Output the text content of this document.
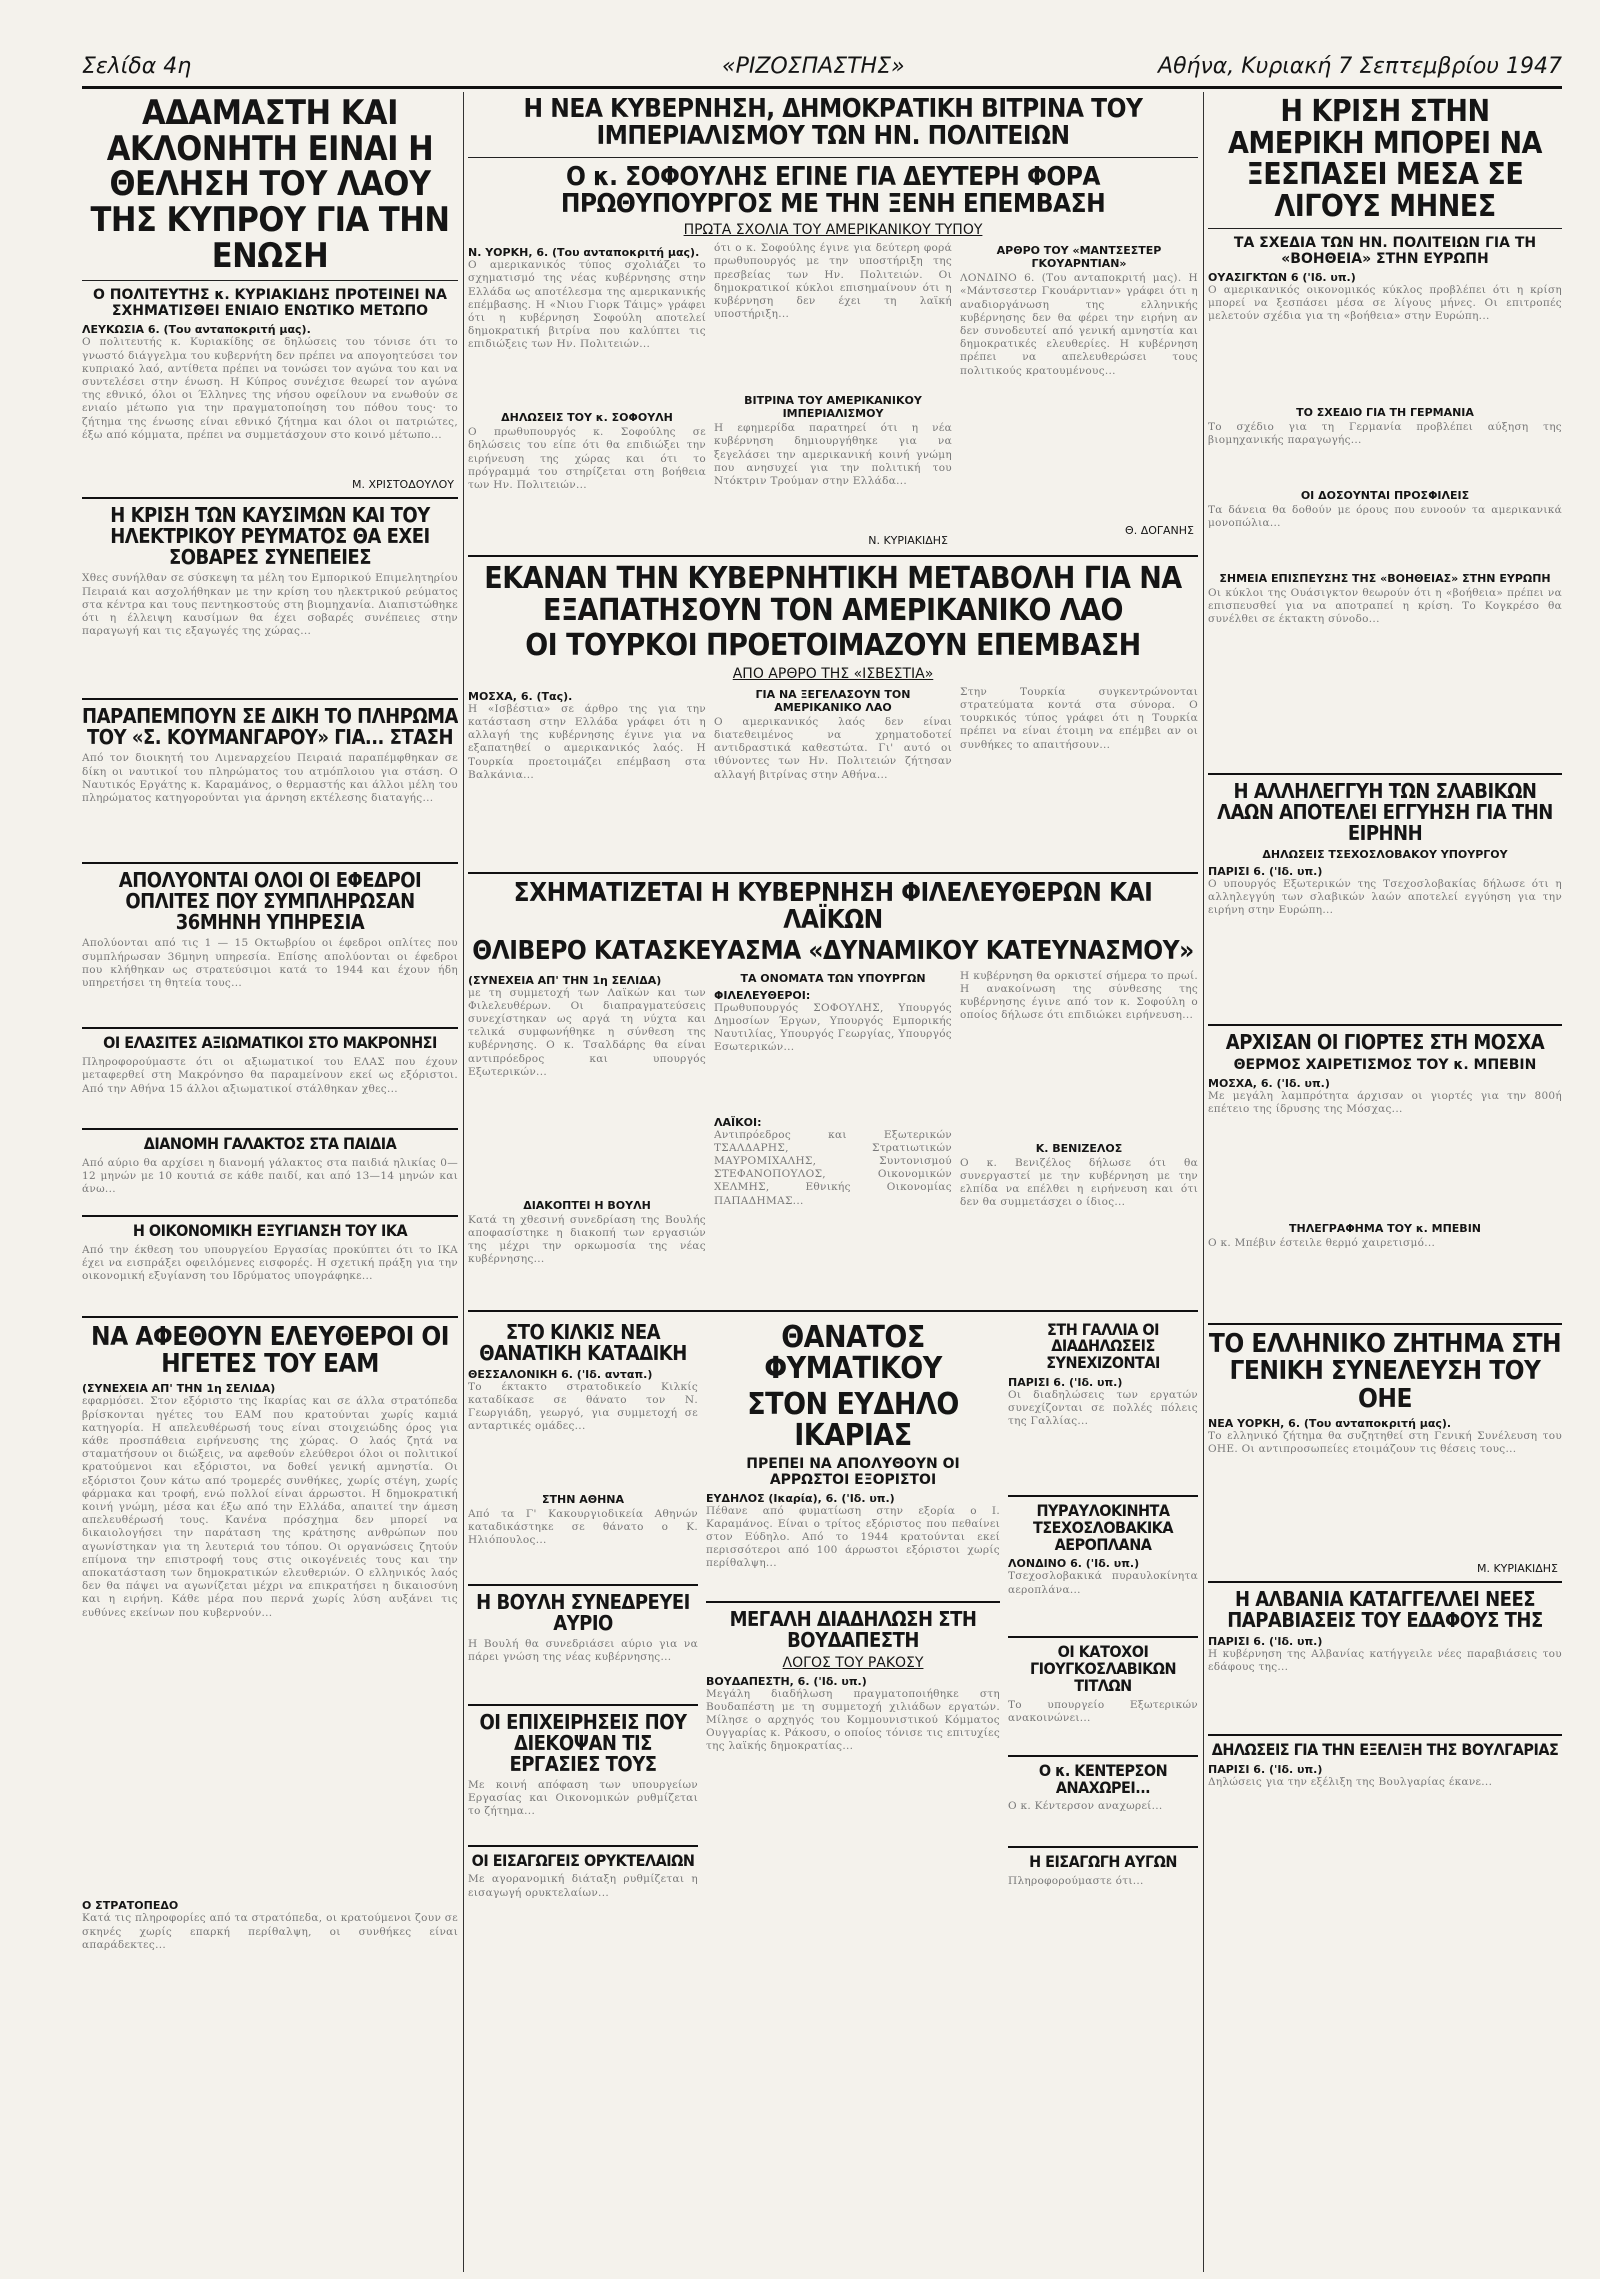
Σελίδα 4η	«ΡΙΖΟΣΠΑΣΤΗΣ»	Αθήνα, Κυριακή 7 Σεπτεμβρίου 1947
ΑΔΑΜΑΣΤΗ ΚΑΙ ΑΚΛΟΝΗΤΗ ΕΙΝΑΙ Η ΘΕΛΗΣΗ ΤΟΥ ΛΑΟΥ ΤΗΣ ΚΥΠΡΟΥ ΓΙΑ ΤΗΝ ΕΝΩΣΗ
Ο ΠΟΛΙΤΕΥΤΗΣ κ. ΚΥΡΙΑΚΙΔΗΣ ΠΡΟΤΕΙΝΕΙ ΝΑ ΣΧΗΜΑΤΙΣΘΕΙ ΕΝΙΑΙΟ ΕΝΩΤΙΚΟ ΜΕΤΩΠΟ
ΛΕΥΚΩΣΙΑ 6. (Του ανταποκριτή μας).
Ο πολιτευτής κ. Κυριακίδης σε δηλώσεις του τόνισε ότι το γνωστό διάγγελμα του κυβερνήτη δεν πρέπει να απογοητεύσει τον κυπριακό λαό, αντίθετα πρέπει να τονώσει τον αγώνα του και να συντελέσει στην ένωση. Η Κύπρος συνέχισε θεωρεί τον αγώνα της εθνικό, όλοι οι Έλληνες της νήσου οφείλουν να ενωθούν σε ενιαίο μέτωπο για την πραγματοποίηση του πόθου τους· το ζήτημα της ένωσης είναι εθνικό ζήτημα και όλοι οι πατριώτες, έξω από κόμματα, πρέπει να συμμετάσχουν στο κοινό μέτωπο...
Μ. ΧΡΙΣΤΟΔΟΥΛΟΥ
Η ΚΡΙΣΗ ΤΩΝ ΚΑΥΣΙΜΩΝ ΚΑΙ ΤΟΥ ΗΛΕΚΤΡΙΚΟΥ ΡΕΥΜΑΤΟΣ ΘΑ ΕΧΕΙ ΣΟΒΑΡΕΣ ΣΥΝΕΠΕΙΕΣ
Χθες συνήλθαν σε σύσκεψη τα μέλη του Εμπορικού Επιμελητηρίου Πειραιά και ασχολήθηκαν με την κρίση του ηλεκτρικού ρεύματος στα κέντρα και τους πεντηκοστούς στη βιομηχανία. Διαπιστώθηκε ότι η έλλειψη καυσίμων θα έχει σοβαρές συνέπειες στην παραγωγή και τις εξαγωγές της χώρας...
ΠΑΡΑΠΕΜΠΟΥΝ ΣΕ ΔΙΚΗ ΤΟ ΠΛΗΡΩΜΑ ΤΟΥ «Σ. ΚΟΥΜΑΝΓΑΡΟΥ» ΓΙΑ... ΣΤΑΣΗ
Από τον διοικητή του Λιμεναρχείου Πειραιά παραπέμφθηκαν σε δίκη οι ναυτικοί του πληρώματος του ατμόπλοιου για στάση. Ο Ναυτικός Εργάτης κ. Καραμάνος, ο θερμαστής και άλλοι μέλη του πληρώματος κατηγορούνται για άρνηση εκτέλεσης διαταγής...
ΑΠΟΛΥΟΝΤΑΙ ΟΛΟΙ ΟΙ ΕΦΕΔΡΟΙ ΟΠΛΙΤΕΣ ΠΟΥ ΣΥΜΠΛΗΡΩΣΑΝ 36ΜΗΝΗ ΥΠΗΡΕΣΙΑ
Απολύονται από τις 1 — 15 Οκτωβρίου οι έφεδροι οπλίτες που συμπλήρωσαν 36μηνη υπηρεσία. Επίσης απολύονται οι έφεδροι που κλήθηκαν ως στρατεύσιμοι κατά το 1944 και έχουν ήδη υπηρετήσει τη θητεία τους...
ΟΙ ΕΛΑΣΙΤΕΣ ΑΞΙΩΜΑΤΙΚΟΙ ΣΤΟ ΜΑΚΡΟΝΗΣΙ
Πληροφορούμαστε ότι οι αξιωματικοί του ΕΛΑΣ που έχουν μεταφερθεί στη Μακρόνησο θα παραμείνουν εκεί ως εξόριστοι. Από την Αθήνα 15 άλλοι αξιωματικοί στάλθηκαν χθες...
ΔΙΑΝΟΜΗ ΓΑΛΑΚΤΟΣ ΣΤΑ ΠΑΙΔΙΑ
Από αύριο θα αρχίσει η διανομή γάλακτος στα παιδιά ηλικίας 0—12 μηνών με 10 κουτιά σε κάθε παιδί, και από 13—14 μηνών και άνω...
Η ΟΙΚΟΝΟΜΙΚΗ ΕΞΥΓΙΑΝΣΗ ΤΟΥ ΙΚΑ
Από την έκθεση του υπουργείου Εργασίας προκύπτει ότι το ΙΚΑ έχει να εισπράξει οφειλόμενες εισφορές. Η σχετική πράξη για την οικονομική εξυγίανση του Ιδρύματος υπογράφηκε...
ΝΑ ΑΦΕΘΟΥΝ ΕΛΕΥΘΕΡΟΙ ΟΙ ΗΓΕΤΕΣ ΤΟΥ ΕΑΜ
(ΣΥΝΕΧΕΙΑ ΑΠ' ΤΗΝ 1η ΣΕΛΙΔΑ)
εφαρμόσει. Στον εξόριστο της Ικαρίας και σε άλλα στρατόπεδα βρίσκονται ηγέτες του ΕΑΜ που κρατούνται χωρίς καμιά κατηγορία. Η απελευθέρωσή τους είναι στοιχειώδης όρος για κάθε προσπάθεια ειρήνευσης της χώρας. Ο λαός ζητά να σταματήσουν οι διώξεις, να αφεθούν ελεύθεροι όλοι οι πολιτικοί κρατούμενοι και εξόριστοι, να δοθεί γενική αμνηστία. Οι εξόριστοι ζουν κάτω από τρομερές συνθήκες, χωρίς στέγη, χωρίς φάρμακα και τροφή, ενώ πολλοί είναι άρρωστοι. Η δημοκρατική κοινή γνώμη, μέσα και έξω από την Ελλάδα, απαιτεί την άμεση απελευθέρωσή τους. Κανένα πρόσχημα δεν μπορεί να δικαιολογήσει την παράταση της κράτησης ανθρώπων που αγωνίστηκαν για τη λευτεριά του τόπου. Οι οργανώσεις ζητούν επίμονα την επιστροφή τους στις οικογένειές τους και την αποκατάσταση των δημοκρατικών ελευθεριών. Ο ελληνικός λαός δεν θα πάψει να αγωνίζεται μέχρι να επικρατήσει η δικαιοσύνη και η ειρήνη. Κάθε μέρα που περνά χωρίς λύση αυξάνει τις ευθύνες εκείνων που κυβερνούν...
Ο ΣΤΡΑΤΟΠΕΔΟ
Κατά τις πληροφορίες από τα στρατόπεδα, οι κρατούμενοι ζουν σε σκηνές χωρίς επαρκή περίθαλψη, οι συνθήκες είναι απαράδεκτες...
Η ΝΕΑ ΚΥΒΕΡΝΗΣΗ, ΔΗΜΟΚΡΑΤΙΚΗ ΒΙΤΡΙΝΑ ΤΟΥ ΙΜΠΕΡΙΑΛΙΣΜΟΥ ΤΩΝ ΗΝ. ΠΟΛΙΤΕΙΩΝ
Ο κ. ΣΟΦΟΥΛΗΣ ΕΓΙΝΕ ΓΙΑ ΔΕΥΤΕΡΗ ΦΟΡΑ ΠΡΩΘΥΠΟΥΡΓΟΣ ΜΕ ΤΗΝ ΞΕΝΗ ΕΠΕΜΒΑΣΗ
ΠΡΩΤΑ ΣΧΟΛΙΑ ΤΟΥ ΑΜΕΡΙΚΑΝΙΚΟΥ ΤΥΠΟΥ
Ν. ΥΟΡΚΗ, 6. (Του ανταποκριτή μας).
Ο αμερικανικός τύπος σχολιάζει το σχηματισμό της νέας κυβέρνησης στην Ελλάδα ως αποτέλεσμα της αμερικανικής επέμβασης. Η «Νιου Γιορκ Τάιμς» γράφει ότι η κυβέρνηση Σοφούλη αποτελεί δημοκρατική βιτρίνα που καλύπτει τις επιδιώξεις των Ην. Πολιτειών...
ΔΗΛΩΣΕΙΣ ΤΟΥ κ. ΣΟΦΟΥΛΗ
Ο πρωθυπουργός κ. Σοφούλης σε δηλώσεις του είπε ότι θα επιδιώξει την ειρήνευση της χώρας και ότι το πρόγραμμά του στηρίζεται στη βοήθεια των Ην. Πολιτειών...
ότι ο κ. Σοφούλης έγινε για δεύτερη φορά πρωθυπουργός με την υποστήριξη της πρεσβείας των Ην. Πολιτειών. Οι δημοκρατικοί κύκλοι επισημαίνουν ότι η κυβέρνηση δεν έχει τη λαϊκή υποστήριξη...
ΒΙΤΡΙΝΑ ΤΟΥ ΑΜΕΡΙΚΑΝΙΚΟΥ ΙΜΠΕΡΙΑΛΙΣΜΟΥ
Η εφημερίδα παρατηρεί ότι η νέα κυβέρνηση δημιουργήθηκε για να ξεγελάσει την αμερικανική κοινή γνώμη που ανησυχεί για την πολιτική του Ντόκτριν Τρούμαν στην Ελλάδα...
Ν. ΚΥΡΙΑΚΙΔΗΣ
ΑΡΘΡΟ ΤΟΥ «ΜΑΝΤΣΕΣΤΕΡ ΓΚΟΥΑΡΝΤΙΑΝ»
ΛΟΝΔΙΝΟ 6. (Του ανταποκριτή μας). Η «Μάντσεστερ Γκουάρντιαν» γράφει ότι η αναδιοργάνωση της ελληνικής κυβέρνησης δεν θα φέρει την ειρήνη αν δεν συνοδευτεί από γενική αμνηστία και δημοκρατικές ελευθερίες. Η κυβέρνηση πρέπει να απελευθερώσει τους πολιτικούς κρατουμένους...
Θ. ΔΟΓΑΝΗΣ
ΕΚΑΝΑΝ ΤΗΝ ΚΥΒΕΡΝΗΤΙΚΗ ΜΕΤΑΒΟΛΗ ΓΙΑ ΝΑ ΕΞΑΠΑΤΗΣΟΥΝ ΤΟΝ ΑΜΕΡΙΚΑΝΙΚΟ ΛΑΟ
ΟΙ ΤΟΥΡΚΟΙ ΠΡΟΕΤΟΙΜΑΖΟΥΝ ΕΠΕΜΒΑΣΗ
ΑΠΟ ΑΡΘΡΟ ΤΗΣ «ΙΣΒΕΣΤΙΑ»
ΜΟΣΧΑ, 6. (Τας).
Η «Ισβέστια» σε άρθρο της για την κατάσταση στην Ελλάδα γράφει ότι η αλλαγή της κυβέρνησης έγινε για να εξαπατηθεί ο αμερικανικός λαός. Η Τουρκία προετοιμάζει επέμβαση στα Βαλκάνια...
ΓΙΑ ΝΑ ΞΕΓΕΛΑΣΟΥΝ ΤΟΝ ΑΜΕΡΙΚΑΝΙΚΟ ΛΑΟ
Ο αμερικανικός λαός δεν είναι διατεθειμένος να χρηματοδοτεί αντιδραστικά καθεστώτα. Γι' αυτό οι ιθύνοντες των Ην. Πολιτειών ζήτησαν αλλαγή βιτρίνας στην Αθήνα...
Στην Τουρκία συγκεντρώνονται στρατεύματα κοντά στα σύνορα. Ο τουρκικός τύπος γράφει ότι η Τουρκία πρέπει να είναι έτοιμη να επέμβει αν οι συνθήκες το απαιτήσουν...
ΣΧΗΜΑΤΙΖΕΤΑΙ Η ΚΥΒΕΡΝΗΣΗ ΦΙΛΕΛΕΥΘΕΡΩΝ ΚΑΙ ΛΑΪΚΩΝ
ΘΛΙΒΕΡΟ ΚΑΤΑΣΚΕΥΑΣΜΑ «ΔΥΝΑΜΙΚΟΥ ΚΑΤΕΥΝΑΣΜΟΥ»
(ΣΥΝΕΧΕΙΑ ΑΠ' ΤΗΝ 1η ΣΕΛΙΔΑ)
με τη συμμετοχή των Λαϊκών και των Φιλελευθέρων. Οι διαπραγματεύσεις συνεχίστηκαν ως αργά τη νύχτα και τελικά συμφωνήθηκε η σύνθεση της κυβέρνησης. Ο κ. Τσαλδάρης θα είναι αντιπρόεδρος και υπουργός Εξωτερικών...
ΔΙΑΚΟΠΤΕΙ Η ΒΟΥΛΗ
Κατά τη χθεσινή συνεδρίαση της Βουλής αποφασίστηκε η διακοπή των εργασιών της μέχρι την ορκωμοσία της νέας κυβέρνησης...
ΤΑ ΟΝΟΜΑΤΑ ΤΩΝ ΥΠΟΥΡΓΩΝ
ΦΙΛΕΛΕΥΘΕΡΟΙ:
Πρωθυπουργός ΣΟΦΟΥΛΗΣ, Υπουργός Δημοσίων Έργων, Υπουργός Εμπορικής Ναυτιλίας, Υπουργός Γεωργίας, Υπουργός Εσωτερικών...
ΛΑΪΚΟΙ:
Αντιπρόεδρος και Εξωτερικών ΤΣΑΛΔΑΡΗΣ, Στρατιωτικών ΜΑΥΡΟΜΙΧΑΛΗΣ, Συντονισμού ΣΤΕΦΑΝΟΠΟΥΛΟΣ, Οικονομικών ΧΕΛΜΗΣ, Εθνικής Οικονομίας ΠΑΠΑΔΗΜΑΣ...
Η κυβέρνηση θα ορκιστεί σήμερα το πρωί. Η ανακοίνωση της σύνθεσης της κυβέρνησης έγινε από τον κ. Σοφούλη ο οποίος δήλωσε ότι επιδιώκει ειρήνευση...
Κ. ΒΕΝΙΖΕΛΟΣ
Ο κ. Βενιζέλος δήλωσε ότι θα συνεργαστεί με την κυβέρνηση με την ελπίδα να επέλθει η ειρήνευση και ότι δεν θα συμμετάσχει ο ίδιος...
ΣΤΟ ΚΙΛΚΙΣ ΝΕΑ ΘΑΝΑΤΙΚΗ ΚΑΤΑΔΙΚΗ
ΘΕΣΣΑΛΟΝΙΚΗ 6. ('Ιδ. ανταπ.)
Το έκτακτο στρατοδικείο Κιλκίς καταδίκασε σε θάνατο τον Ν. Γεωργιάδη, γεωργό, για συμμετοχή σε ανταρτικές ομάδες...
ΣΤΗΝ ΑΘΗΝΑ
Από τα Γ' Κακουργιοδικεία Αθηνών καταδικάστηκε σε θάνατο ο Κ. Ηλιόπουλος...
Η ΒΟΥΛΗ ΣΥΝΕΔΡΕΥΕΙ ΑΥΡΙΟ
Η Βουλή θα συνεδριάσει αύριο για να πάρει γνώση της νέας κυβέρνησης...
ΟΙ ΕΠΙΧΕΙΡΗΣΕΙΣ ΠΟΥ ΔΙΕΚΟΨΑΝ ΤΙΣ ΕΡΓΑΣΙΕΣ ΤΟΥΣ
Με κοινή απόφαση των υπουργείων Εργασίας και Οικονομικών ρυθμίζεται το ζήτημα...
ΟΙ ΕΙΣΑΓΩΓΕΙΣ ΟΡΥΚΤΕΛΑΙΩΝ
Με αγορανομική διάταξη ρυθμίζεται η εισαγωγή ορυκτελαίων...
ΘΑΝΑΤΟΣ ΦΥΜΑΤΙΚΟΥ
ΣΤΟΝ ΕΥΔΗΛΟ ΙΚΑΡΙΑΣ
ΠΡΕΠΕΙ ΝΑ ΑΠΟΛΥΘΟΥΝ ΟΙ ΑΡΡΩΣΤΟΙ ΕΞΟΡΙΣΤΟΙ
ΕΥΔΗΛΟΣ (Ικαρία), 6. ('Ιδ. υπ.)
Πέθανε από φυματίωση στην εξορία ο Ι. Καραμάνος. Είναι ο τρίτος εξόριστος που πεθαίνει στον Εύδηλο. Από το 1944 κρατούνται εκεί περισσότεροι από 100 άρρωστοι εξόριστοι χωρίς περίθαλψη...
ΜΕΓΑΛΗ ΔΙΑΔΗΛΩΣΗ ΣΤΗ ΒΟΥΔΑΠΕΣΤΗ
ΛΟΓΟΣ ΤΟΥ ΡΑΚΟΣΥ
ΒΟΥΔΑΠΕΣΤΗ, 6. ('Ιδ. υπ.)
Μεγάλη διαδήλωση πραγματοποιήθηκε στη Βουδαπέστη με τη συμμετοχή χιλιάδων εργατών. Μίλησε ο αρχηγός του Κομμουνιστικού Κόμματος Ουγγαρίας κ. Ράκοσυ, ο οποίος τόνισε τις επιτυχίες της λαϊκής δημοκρατίας...
ΣΤΗ ΓΑΛΛΙΑ ΟΙ ΔΙΑΔΗΛΩΣΕΙΣ ΣΥΝΕΧΙΖΟΝΤΑΙ
ΠΑΡΙΣΙ 6. ('Ιδ. υπ.)
Οι διαδηλώσεις των εργατών συνεχίζονται σε πολλές πόλεις της Γαλλίας...
ΠΥΡΑΥΛΟΚΙΝΗΤΑ ΤΣΕΧΟΣΛΟΒΑΚΙΚΑ ΑΕΡΟΠΛΑΝΑ
ΛΟΝΔΙΝΟ 6. ('Ιδ. υπ.)
Τσεχοσλοβακικά πυραυλοκίνητα αεροπλάνα...
ΟΙ ΚΑΤΟΧΟΙ ΓΙΟΥΓΚΟΣΛΑΒΙΚΩΝ ΤΙΤΛΩΝ
Το υπουργείο Εξωτερικών ανακοινώνει...
Ο κ. ΚΕΝΤΕΡΣΟΝ ΑΝΑΧΩΡΕΙ...
Ο κ. Κέντερσον αναχωρεί...
Η ΕΙΣΑΓΩΓΗ ΑΥΓΩΝ
Πληροφορούμαστε ότι...
Η ΚΡΙΣΗ ΣΤΗΝ ΑΜΕΡΙΚΗ ΜΠΟΡΕΙ ΝΑ ΞΕΣΠΑΣΕΙ ΜΕΣΑ ΣΕ ΛΙΓΟΥΣ ΜΗΝΕΣ
ΤΑ ΣΧΕΔΙΑ ΤΩΝ ΗΝ. ΠΟΛΙΤΕΙΩΝ ΓΙΑ ΤΗ «ΒΟΗΘΕΙΑ» ΣΤΗΝ ΕΥΡΩΠΗ
ΟΥΑΣΙΓΚΤΩΝ 6 ('Ιδ. υπ.)
Ο αμερικανικός οικονομικός κύκλος προβλέπει ότι η κρίση μπορεί να ξεσπάσει μέσα σε λίγους μήνες. Οι επιτροπές μελετούν σχέδια για τη «βοήθεια» στην Ευρώπη...
ΤΟ ΣΧΕΔΙΟ ΓΙΑ ΤΗ ΓΕΡΜΑΝΙΑ
Το σχέδιο για τη Γερμανία προβλέπει αύξηση της βιομηχανικής παραγωγής...
ΟΙ ΔΟΣΟΥΝΤΑΙ ΠΡΟΣΦΙΛΕΙΣ
Τα δάνεια θα δοθούν με όρους που ευνοούν τα αμερικανικά μονοπώλια...
ΣΗΜΕΙΑ ΕΠΙΣΠΕΥΣΗΣ ΤΗΣ «ΒΟΗΘΕΙΑΣ» ΣΤΗΝ ΕΥΡΩΠΗ
Οι κύκλοι της Ουάσιγκτον θεωρούν ότι η «βοήθεια» πρέπει να επισπευσθεί για να αποτραπεί η κρίση. Το Κογκρέσο θα συνέλθει σε έκτακτη σύνοδο...
Η ΑΛΛΗΛΕΓΓΥΗ ΤΩΝ ΣΛΑΒΙΚΩΝ ΛΑΩΝ ΑΠΟΤΕΛΕΙ ΕΓΓΥΗΣΗ ΓΙΑ ΤΗΝ ΕΙΡΗΝΗ
ΔΗΛΩΣΕΙΣ ΤΣΕΧΟΣΛΟΒΑΚΟΥ ΥΠΟΥΡΓΟΥ
ΠΑΡΙΣΙ 6. ('Ιδ. υπ.)
Ο υπουργός Εξωτερικών της Τσεχοσλοβακίας δήλωσε ότι η αλληλεγγύη των σλαβικών λαών αποτελεί εγγύηση για την ειρήνη στην Ευρώπη...
ΑΡΧΙΣΑΝ ΟΙ ΓΙΟΡΤΕΣ ΣΤΗ ΜΟΣΧΑ
ΘΕΡΜΟΣ ΧΑΙΡΕΤΙΣΜΟΣ ΤΟΥ κ. ΜΠΕΒΙΝ
ΜΟΣΧΑ, 6. ('Ιδ. υπ.)
Με μεγάλη λαμπρότητα άρχισαν οι γιορτές για την 800ή επέτειο της ίδρυσης της Μόσχας...
ΤΗΛΕΓΡΑΦΗΜΑ ΤΟΥ κ. ΜΠΕΒΙΝ
Ο κ. Μπέβιν έστειλε θερμό χαιρετισμό...
ΤΟ ΕΛΛΗΝΙΚΟ ΖΗΤΗΜΑ ΣΤΗ ΓΕΝΙΚΗ ΣΥΝΕΛΕΥΣΗ ΤΟΥ ΟΗΕ
ΝΕΑ ΥΟΡΚΗ, 6. (Του ανταποκριτή μας).
Το ελληνικό ζήτημα θα συζητηθεί στη Γενική Συνέλευση του ΟΗΕ. Οι αντιπροσωπείες ετοιμάζουν τις θέσεις τους...
Μ. ΚΥΡΙΑΚΙΔΗΣ
Η ΑΛΒΑΝΙΑ ΚΑΤΑΓΓΕΛΛΕΙ ΝΕΕΣ ΠΑΡΑΒΙΑΣΕΙΣ ΤΟΥ ΕΔΑΦΟΥΣ ΤΗΣ
ΠΑΡΙΣΙ 6. ('Ιδ. υπ.)
Η κυβέρνηση της Αλβανίας κατήγγειλε νέες παραβιάσεις του εδάφους της...
ΔΗΛΩΣΕΙΣ ΓΙΑ ΤΗΝ ΕΞΕΛΙΞΗ ΤΗΣ ΒΟΥΛΓΑΡΙΑΣ
ΠΑΡΙΣΙ 6. ('Ιδ. υπ.)
Δηλώσεις για την εξέλιξη της Βουλγαρίας έκανε...
